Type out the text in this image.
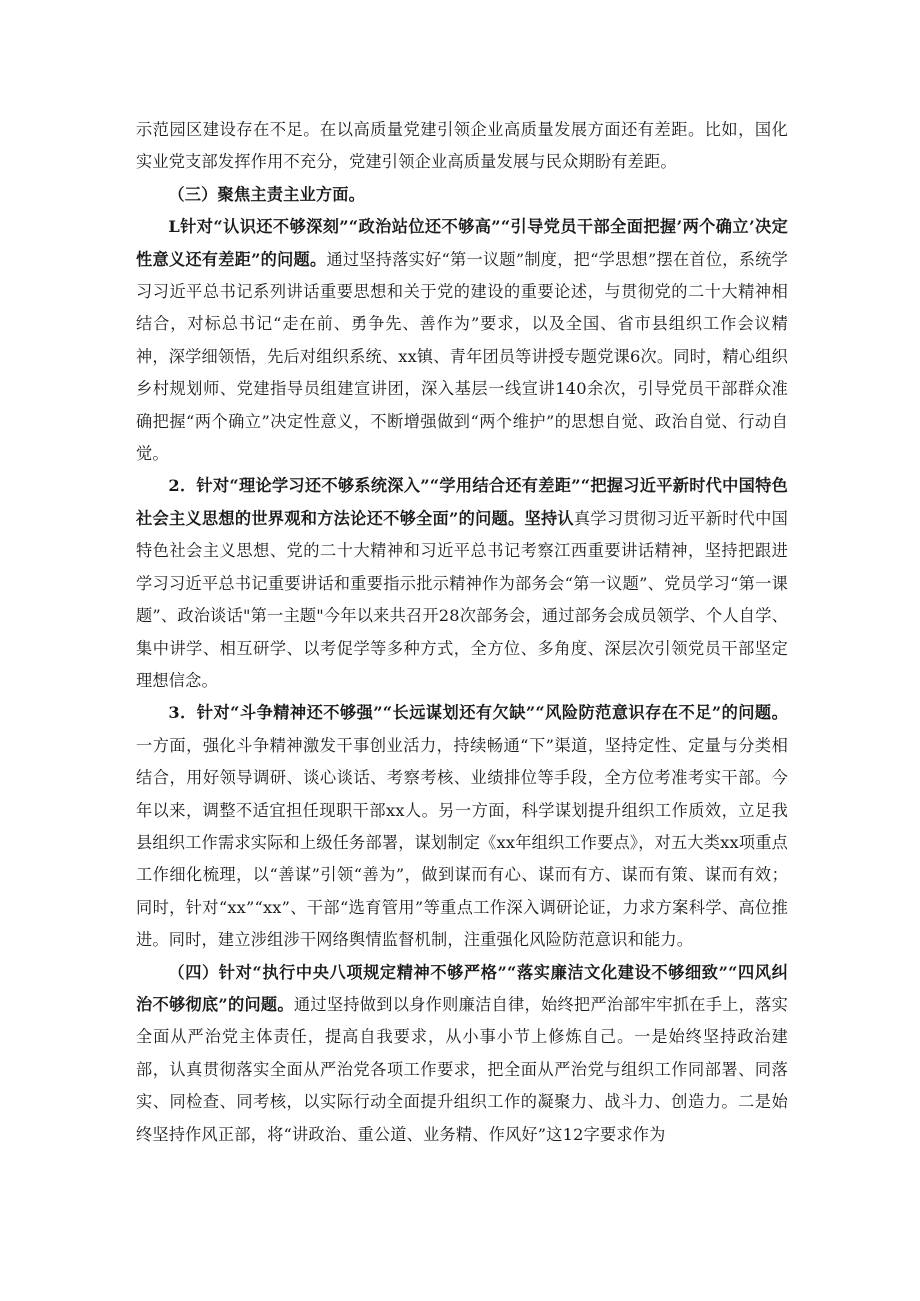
示范园区建设存在不足。在以高质量党建引领企业高质量发展方面还有差距。比如，国化实业党支部发挥作用不充分，党建引领企业高质量发展与民众期盼有差距。

（三）聚焦主责主业方面。

L针对“认识还不够深刻”“政治站位还不够高”“引导党员干部全面把握’两个确立’决定性意义还有差距”的问题。通过坚持落实好“第一议题”制度，把“学思想”摆在首位，系统学习习近平总书记系列讲话重要思想和关于党的建设的重要论述，与贯彻党的二十大精神相结合，对标总书记“走在前、勇争先、善作为”要求，以及全国、省市县组织工作会议精神，深学细领悟，先后对组织系统、xx镇、青年团员等讲授专题党课6次。同时，精心组织乡村规划师、党建指导员组建宣讲团，深入基层一线宣讲140余次，引导党员干部群众准确把握“两个确立”决定性意义，不断增强做到“两个维护”的思想自觉、政治自觉、行动自觉。

2．针对“理论学习还不够系统深入”“学用结合还有差距”“把握习近平新时代中国特色社会主义思想的世界观和方法论还不够全面”的问题。坚持认真学习贯彻习近平新时代中国特色社会主义思想、党的二十大精神和习近平总书记考察江西重要讲话精神，坚持把跟进学习习近平总书记重要讲话和重要指示批示精神作为部务会“第一议题”、党员学习“第一课题”、政治谈话"第一主题"今年以来共召开28次部务会，通过部务会成员领学、个人自学、集中讲学、相互研学、以考促学等多种方式，全方位、多角度、深层次引领党员干部坚定理想信念。

3．针对“斗争精神还不够强”“长远谋划还有欠缺”“风险防范意识存在不足”的问题。一方面，强化斗争精神激发干事创业活力，持续畅通“下”渠道，坚持定性、定量与分类相结合，用好领导调研、谈心谈话、考察考核、业绩排位等手段，全方位考准考实干部。今年以来，调整不适宜担任现职干部xx人。另一方面，科学谋划提升组织工作质效，立足我县组织工作需求实际和上级任务部署，谋划制定《xx年组织工作要点》，对五大类xx项重点工作细化梳理，以“善谋”引领“善为”，做到谋而有心、谋而有方、谋而有策、谋而有效；同时，针对“xx”“xx”、干部“选育管用”等重点工作深入调研论证，力求方案科学、高位推进。同时，建立涉组涉干网络舆情监督机制，注重强化风险防范意识和能力。

（四）针对“执行中央八项规定精神不够严格”“落实廉洁文化建设不够细致”“四风纠治不够彻底”的问题。通过坚持做到以身作则廉洁自律，始终把严治部牢牢抓在手上，落实全面从严治党主体责任，提高自我要求，从小事小节上修炼自己。一是始终坚持政治建部，认真贯彻落实全面从严治党各项工作要求，把全面从严治党与组织工作同部署、同落实、同检查、同考核，以实际行动全面提升组织工作的凝聚力、战斗力、创造力。二是始终坚持作风正部，将“讲政治、重公道、业务精、作风好”这12字要求作为
